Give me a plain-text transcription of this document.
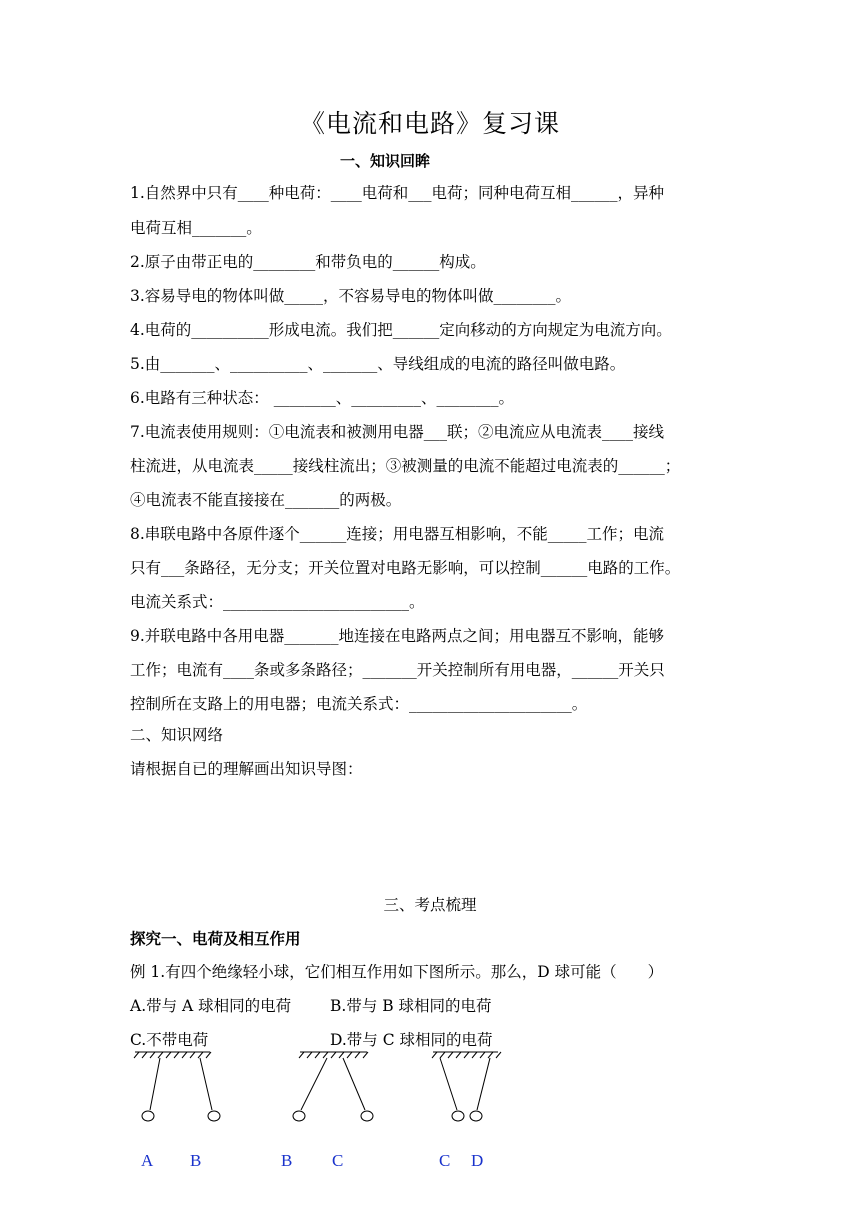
《电流和电路》复习课
一、知识回眸
1.自然界中只有____种电荷：____电荷和___电荷；同种电荷互相______，异种
电荷互相_______。
2.原子由带正电的________和带负电的______构成。
3.容易导电的物体叫做_____，不容易导电的物体叫做________。
4.电荷的__________形成电流。我们把______定向移动的方向规定为电流方向。
5.由_______、__________、_______、导线组成的电流的路径叫做电路。
6.电路有三种状态： ________、_________、________。
7.电流表使用规则：①电流表和被测用电器___联；②电流应从电流表____接线
柱流进，从电流表_____接线柱流出；③被测量的电流不能超过电流表的______；
④电流表不能直接接在_______的两极。
8.串联电路中各原件逐个______连接；用电器互相影响，不能_____工作；电流
只有___条路径，无分支；开关位置对电路无影响，可以控制______电路的工作。
电流关系式：________________________。
9.并联电路中各用电器_______地连接在电路两点之间；用电器互不影响，能够
工作；电流有____条或多条路径；_______开关控制所有用电器，______开关只
控制所在支路上的用电器；电流关系式：_____________________。
二、知识网络
请根据自已的理解画出知识导图：
三、考点梳理
探究一、电荷及相互作用
例 1.有四个绝缘轻小球，它们相互作用如下图所示。那么，D 球可能（　　）
A.带与 A 球相同的电荷	B.带与 B 球相同的电荷
C.不带电荷	D.带与 C 球相同的电荷
A B	B C	C D
